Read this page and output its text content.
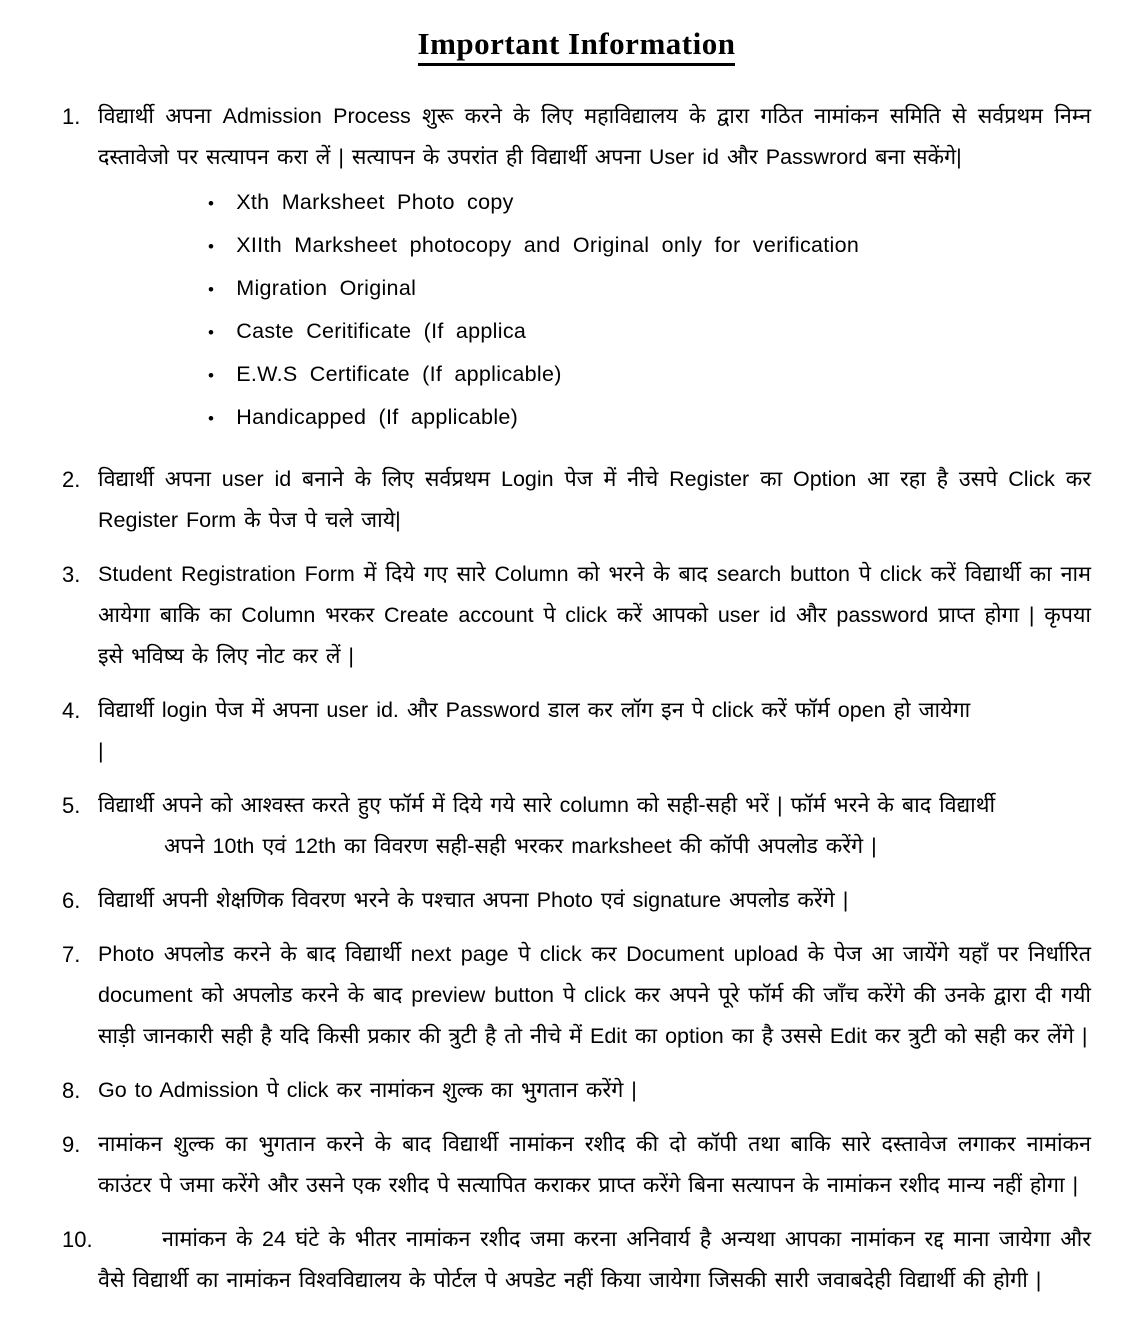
Important Information
1. विद्यार्थी अपना Admission Process शुरू करने के लिए महाविद्यालय के द्वारा गठित नामांकन समिति से सर्वप्रथम निम्न दस्तावेजो पर सत्यापन करा लें | सत्यापन के उपरांत ही विद्यार्थी अपना User id और Passwrord बना सकेंगे|
• Xth Marksheet Photo copy
• XIIth Marksheet photocopy and Original only for verification
• Migration Original
• Caste Ceritificate (If applica
• E.W.S Certificate (If applicable)
• Handicapped (If applicable)
2. विद्यार्थी अपना user id बनाने के लिए सर्वप्रथम Login पेज में नीचे Register का Option आ रहा है उसपे Click कर Register Form के पेज पे चले जाये|
3. Student Registration Form में दिये गए सारे Column को भरने के बाद search button पे click करें विद्यार्थी का नाम आयेगा बाकि का Column भरकर Create account पे click करें आपको user id और password प्राप्त होगा | कृपया इसे भविष्य के लिए नोट कर लें |
4. विद्यार्थी login पेज में अपना user id. और Password डाल कर लॉग इन पे click करें फॉर्म open हो जायेगा
|
5. विद्यार्थी अपने को आश्वस्त करते हुए फॉर्म में दिये गये सारे column को सही-सही भरें | फॉर्म भरने के बाद विद्यार्थी
अपने 10th एवं 12th का विवरण सही-सही भरकर marksheet की कॉपी अपलोड करेंगे |
6. विद्यार्थी अपनी शेक्षणिक विवरण भरने के पश्चात अपना Photo एवं signature अपलोड करेंगे |
7. Photo अपलोड करने के बाद विद्यार्थी next page पे click कर Document upload के पेज आ जायेंगे यहाँ पर निर्धारित document को अपलोड करने के बाद preview button पे click कर अपने पूरे फॉर्म की जाँच करेंगे की उनके द्वारा दी गयी साड़ी जानकारी सही है यदि किसी प्रकार की त्रुटी है तो नीचे में Edit का option का है उससे Edit कर त्रुटी को सही कर लेंगे |
8. Go to Admission पे click कर नामांकन शुल्क का भुगतान करेंगे |
9. नामांकन शुल्क का भुगतान करने के बाद विद्यार्थी नामांकन रशीद की दो कॉपी तथा बाकि सारे दस्तावेज लगाकर नामांकन काउंटर पे जमा करेंगे और उसने एक रशीद पे सत्यापित कराकर प्राप्त करेंगे बिना सत्यापन के नामांकन रशीद मान्य नहीं होगा |
10.	नामांकन के 24 घंटे के भीतर नामांकन रशीद जमा करना अनिवार्य है अन्यथा आपका नामांकन रद्द माना जायेगा और वैसे विद्यार्थी का नामांकन विश्वविद्यालय के पोर्टल पे अपडेट नहीं किया जायेगा जिसकी सारी जवाबदेही विद्यार्थी की होगी |
